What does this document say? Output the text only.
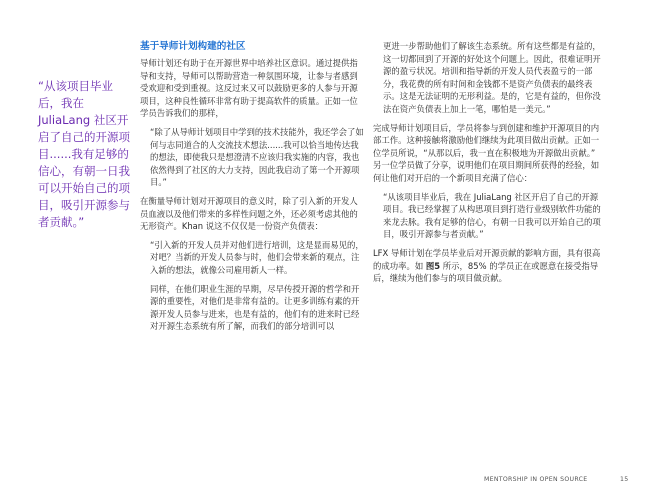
“从该项目毕业后，我在 JuliaLang 社区开启了自己的开源项目......我有足够的信心，有朝一日我可以开始自己的项目，吸引开源参与者贡献。”
基于导师计划构建的社区

导师计划还有助于在开源世界中培养社区意识。通过提供指导和支持，导师可以帮助营造一种氛围环境，让参与者感到受欢迎和受到重视。这反过来又可以鼓励更多的人参与开源项目，这种良性循环非常有助于提高软件的质量。正如一位学员告诉我们的那样，

“除了从导师计划项目中学到的技术技能外，我还学会了如何与志同道合的人交流技术想法......我可以恰当地传达我的想法，即使我只是想澄清不应该归我实施的内容，我也依然得到了社区的大力支持，因此我启动了第一个开源项目。”

在衡量导师计划对开源项目的意义时，除了引入新的开发人员血液以及他们带来的多样性问题之外，还必须考虑其他的无形资产。Khan 说这不仅仅是一份资产负债表：

“引入新的开发人员并对他们进行培训，这是显而易见的，对吧？当新的开发人员参与时，他们会带来新的观点，注入新的想法，就像公司雇用新人一样。

同样，在他们职业生涯的早期，尽早传授开源的哲学和开源的重要性，对他们是非常有益的。让更多训练有素的开源开发人员参与进来，也是有益的，他们有的进来时已经对开源生态系统有所了解，而我们的部分培训可以

更进一步帮助他们了解该生态系统。所有这些都是有益的，这一切都回到了开源的好处这个问题上。因此，很难证明开源的盈亏状况。培训和指导新的开发人员代表盈亏的一部分，我花费的所有时间和金钱都不是资产负债表的最终表示。这是无法证明的无形利益。是的，它是有益的，但你没法在资产负债表上加上一笔，哪怕是一美元。”

完成导师计划项目后，学员将参与到创建和维护开源项目的内部工作。这种接触将激励他们继续为此项目做出贡献。正如一位学员所说，“从那以后，我一直在积极地为开源做出贡献。” 另一位学员做了分享，说明他们在项目期间所获得的经验，如何让他们对开启的一个新项目充满了信心：

“从该项目毕业后，我在 JuliaLang 社区开启了自己的开源项目。我已经掌握了从构思项目到打造行业级别软件功能的来龙去脉。我有足够的信心，有朝一日我可以开始自己的项目，吸引开源参与者贡献。”

LFX 导师计划在学员毕业后对开源贡献的影响方面，具有很高的成功率。如 图5 所示，85% 的学员正在或愿意在接受指导后，继续为他们参与的项目做贡献。

MENTORSHIP IN OPEN SOURCE	15
